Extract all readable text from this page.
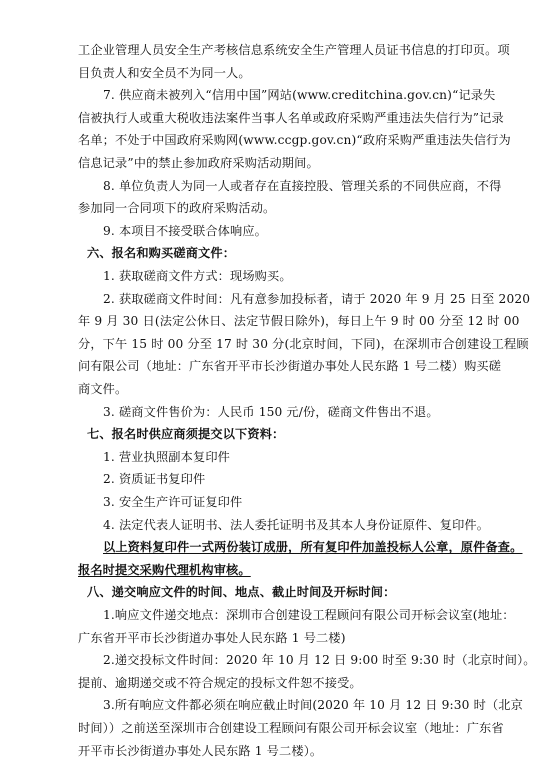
工企业管理人员安全生产考核信息系统安全生产管理人员证书信息的打印页。项
目负责人和安全员不为同一人。
7. 供应商未被列入“信用中国”网站(www.creditchina.gov.cn)“记录失
信被执行人或重大税收违法案件当事人名单或政府采购严重违法失信行为”记录
名单；不处于中国政府采购网(www.ccgp.gov.cn)“政府采购严重违法失信行为
信息记录”中的禁止参加政府采购活动期间。
8. 单位负责人为同一人或者存在直接控股、管理关系的不同供应商，不得
参加同一合同项下的政府采购活动。
9. 本项目不接受联合体响应。
六、报名和购买磋商文件：
1. 获取磋商文件方式：现场购买。
2. 获取磋商文件时间：凡有意参加投标者，请于 2020 年 9 月 25 日至 2020
年 9 月 30 日(法定公休日、法定节假日除外)，每日上午 9 时 00 分至 12 时 00
分，下午 15 时 00 分至 17 时 30 分(北京时间，下同)，在深圳市合创建设工程顾
问有限公司（地址：广东省开平市长沙街道办事处人民东路 1 号二楼）购买磋
商文件。
3. 磋商文件售价为：人民币 150 元/份，磋商文件售出不退。
七、报名时供应商须提交以下资料：
1. 营业执照副本复印件
2. 资质证书复印件
3. 安全生产许可证复印件
4. 法定代表人证明书、法人委托证明书及其本人身份证原件、复印件。
以上资料复印件一式两份装订成册，所有复印件加盖投标人公章，原件备查。
报名时提交采购代理机构审核。
八、递交响应文件的时间、地点、截止时间及开标时间：
1.响应文件递交地点：深圳市合创建设工程顾问有限公司开标会议室(地址：
广东省开平市长沙街道办事处人民东路 1 号二楼)
2.递交投标文件时间：2020 年 10 月 12 日 9:00 时至 9:30 时（北京时间）。
提前、逾期递交或不符合规定的投标文件恕不接受。
3.所有响应文件都必须在响应截止时间(2020 年 10 月 12 日 9:30 时（北京
时间））之前送至深圳市合创建设工程顾问有限公司开标会议室（地址：广东省
开平市长沙街道办事处人民东路 1 号二楼）。
